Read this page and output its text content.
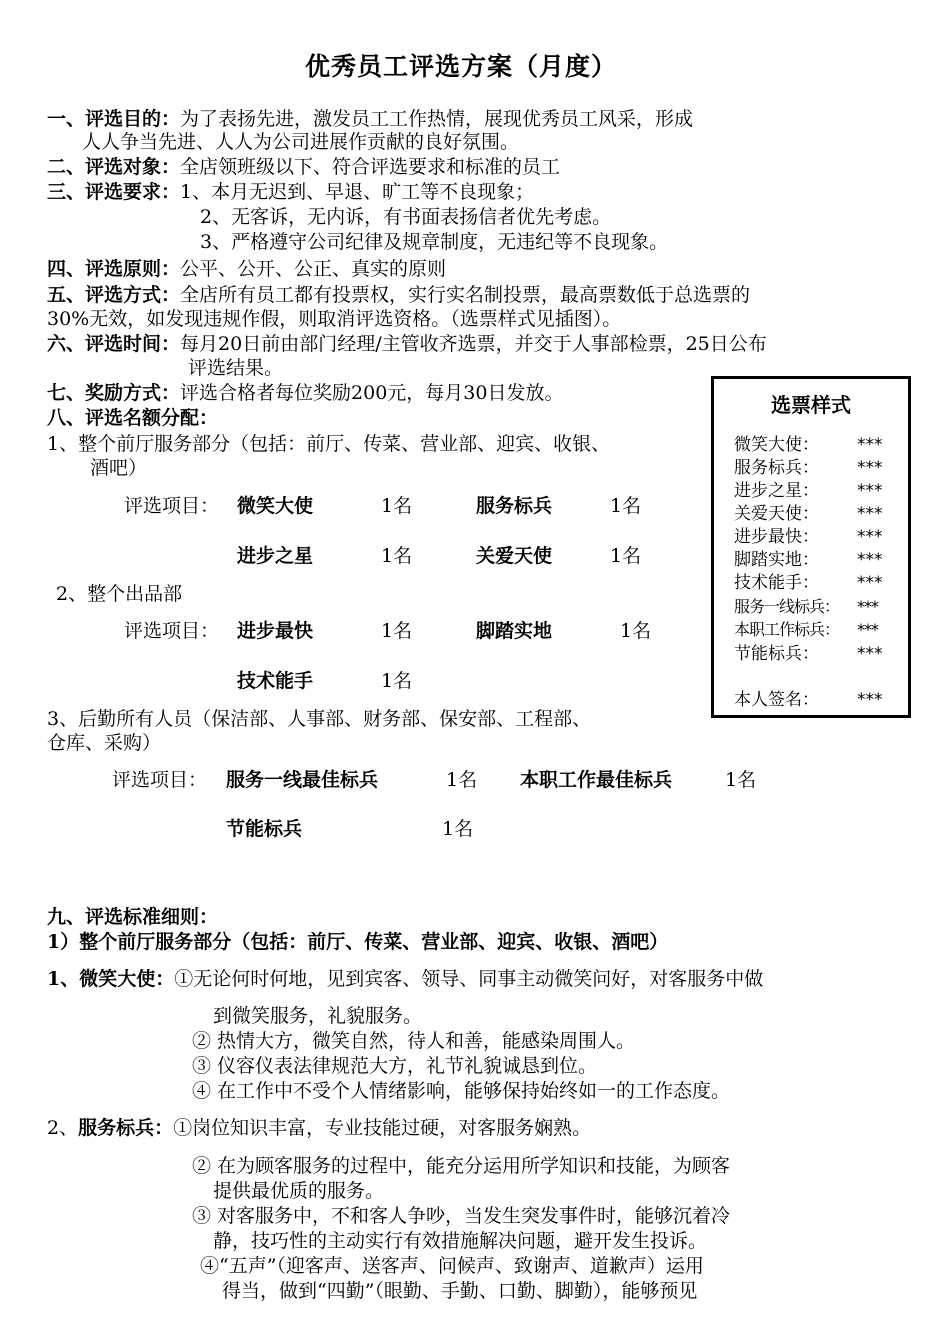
优秀员工评选方案（月度）
一、评选目的：为了表扬先进，激发员工工作热情，展现优秀员工风采，形成
人人争当先进、人人为公司进展作贡献的良好氛围。
二、评选对象：全店领班级以下、符合评选要求和标准的员工
三、评选要求：1、本月无迟到、早退、旷工等不良现象；
2、无客诉，无内诉，有书面表扬信者优先考虑。
3、严格遵守公司纪律及规章制度，无违纪等不良现象。
四、评选原则：公平、公开、公正、真实的原则
五、评选方式：全店所有员工都有投票权，实行实名制投票，最高票数低于总选票的
30%无效，如发现违规作假，则取消评选资格。（选票样式见插图）。
六、评选时间：每月20日前由部门经理/主管收齐选票，并交于人事部检票，25日公布
评选结果。
七、奖励方式：评选合格者每位奖励200元，每月30日发放。
八、评选名额分配：
1、整个前厅服务部分（包括：前厅、传菜、营业部、迎宾、收银、
酒吧）
评选项目： 微笑大使	1名	服务标兵	1名
进步之星	1名	关爱天使	1名
2、整个出品部
评选项目： 进步最快	1名	脚踏实地	1名
技术能手	1名
3、后勤所有人员（保洁部、人事部、财务部、保安部、工程部、
仓库、采购）
评选项目： 服务一线最佳标兵	1名 本职工作最佳标兵	1名
节能标兵	1名
九、评选标准细则：
1）整个前厅服务部分（包括：前厅、传菜、营业部、迎宾、收银、酒吧）
1、微笑大使：①无论何时何地，见到宾客、领导、同事主动微笑问好，对客服务中做
到微笑服务，礼貌服务。
② 热情大方，微笑自然，待人和善，能感染周围人。
③ 仪容仪表法律规范大方，礼节礼貌诚恳到位。
④ 在工作中不受个人情绪影响，能够保持始终如一的工作态度。
2、服务标兵：①岗位知识丰富，专业技能过硬，对客服务娴熟。
② 在为顾客服务的过程中，能充分运用所学知识和技能，为顾客
提供最优质的服务。
③ 对客服务中，不和客人争吵，当发生突发事件时，能够沉着冷
静，技巧性的主动实行有效措施解决问题，避开发生投诉。
④“五声”（迎客声、送客声、问候声、致谢声、道歉声）运用
得当，做到“四勤”（眼勤、手勤、口勤、脚勤），能够预见
选票样式
微笑大使： ***
服务标兵： ***
进步之星： ***
关爱天使： ***
进步最快： ***
脚踏实地： ***
技术能手： ***
服务一线标兵： ***
本职工作标兵： ***
节能标兵： ***
本人签名： ***
